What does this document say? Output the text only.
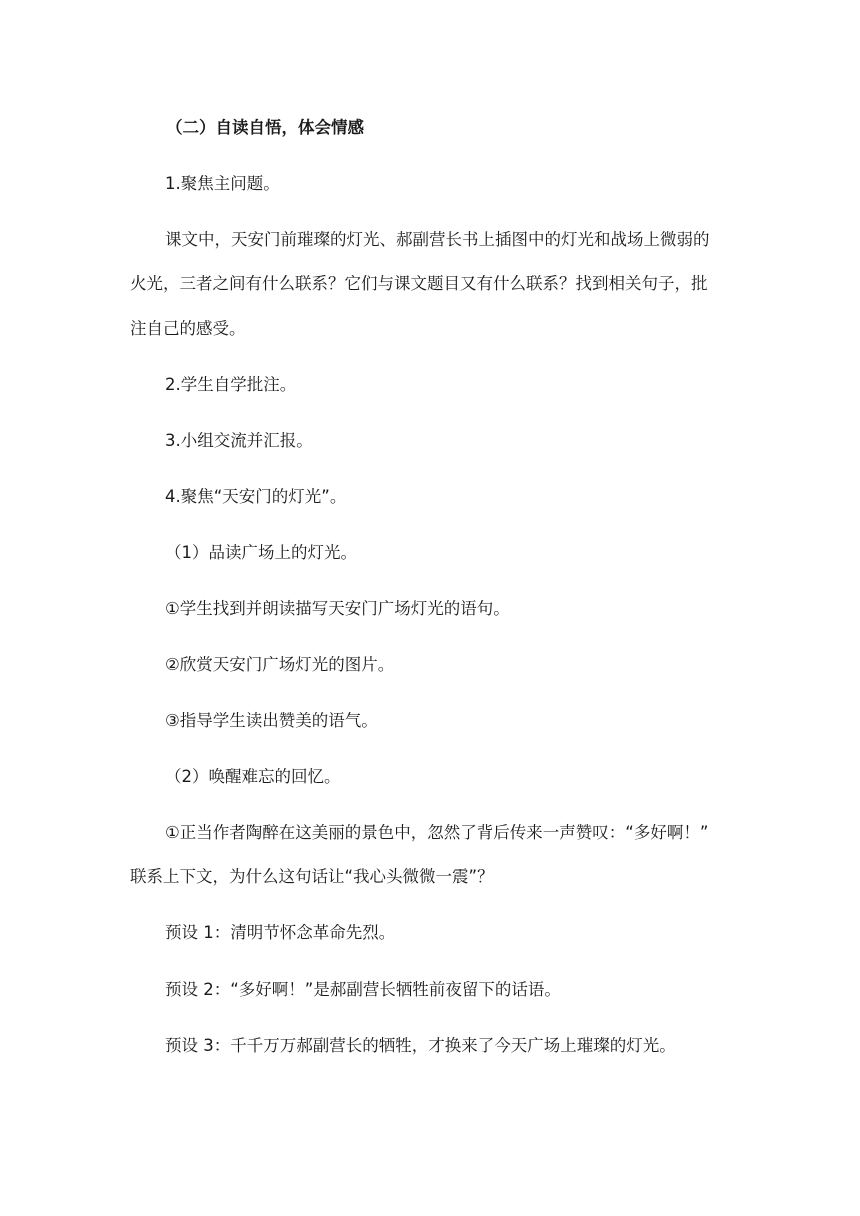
（二）自读自悟，体会情感
1.聚焦主问题。
课文中，天安门前璀璨的灯光、郝副营长书上插图中的灯光和战场上微弱的
火光，三者之间有什么联系？它们与课文题目又有什么联系？找到相关句子，批
注自己的感受。
2.学生自学批注。
3.小组交流并汇报。
4.聚焦“天安门的灯光”。
（1）品读广场上的灯光。
①学生找到并朗读描写天安门广场灯光的语句。
②欣赏天安门广场灯光的图片。
③指导学生读出赞美的语气。
（2）唤醒难忘的回忆。
①正当作者陶醉在这美丽的景色中，忽然了背后传来一声赞叹：“多好啊！”
联系上下文，为什么这句话让“我心头微微一震”？
预设 1：清明节怀念革命先烈。
预设 2：“多好啊！”是郝副营长牺牲前夜留下的话语。
预设 3：千千万万郝副营长的牺牲，才换来了今天广场上璀璨的灯光。
